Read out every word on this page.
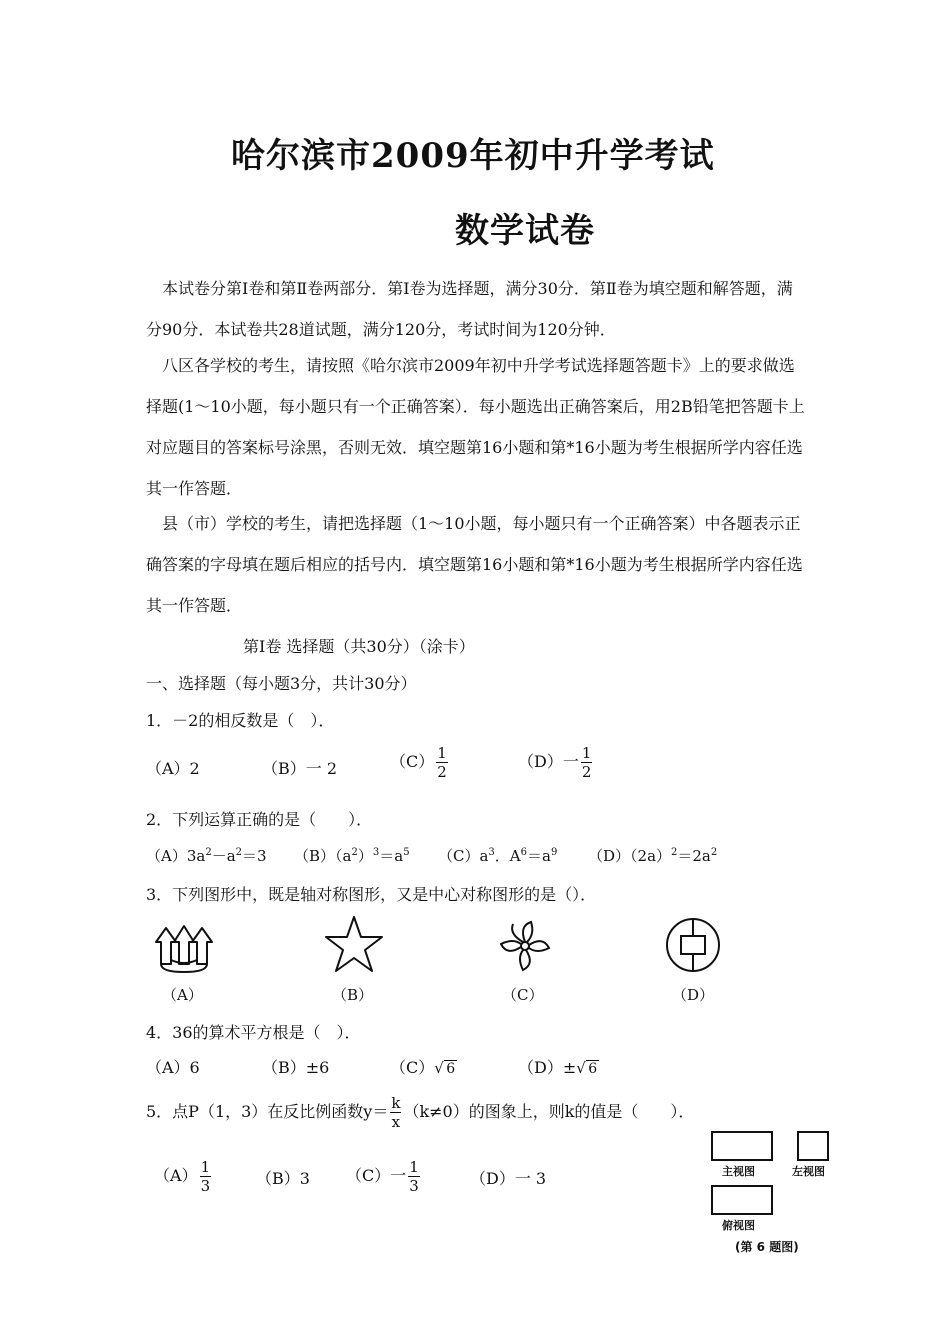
哈尔滨市2009年初中升学考试
数学试卷
本试卷分第Ⅰ卷和第Ⅱ卷两部分．第Ⅰ卷为选择题，满分30分．第Ⅱ卷为填空题和解答题，满分90分．本试卷共28道试题，满分120分，考试时间为120分钟．
八区各学校的考生，请按照《哈尔滨市2009年初中升学考试选择题答题卡》上的要求做选择题(1～10小题，每小题只有一个正确答案）．每小题选出正确答案后，用2B铅笔把答题卡上对应题目的答案标号涂黑，否则无效．填空题第16小题和第*16小题为考生根据所学内容任选其一作答题．
县（市）学校的考生，请把选择题（1～10小题，每小题只有一个正确答案）中各题表示正确答案的字母填在题后相应的括号内．填空题第16小题和第*16小题为考生根据所学内容任选其一作答题．
第Ⅰ卷 选择题（共30分）（涂卡）
一、选择题（每小题3分，共计30分）
1．－2的相反数是（　）．
（A）2	（B）一 2	$(C) \frac{1}{2}$	（D）一 $\frac{1}{2}$
2．下列运算正确的是（　　）．
$(A)3a^2-a^2=3$ $(B)(a^2)^3=a^5$ $(C)a^3$．$A^6=a^9$ $(D)(2a)^2=2a^2$
3．下列图形中，既是轴对称图形，又是中心对称图形的是（）．
（A）	（B）	（C）	（D）
4．36的算术平方根是（　）．
（A）6	（B）±6	（C） √ 6	（D）± √ 6
5．点P（1，3）在反比例函数$y= \frac{k}{x} (k\ne 0)$的图象上，则k的值是（　　）．
$(A) \frac{1}{3}$	（B）3 （C）一 $\frac{1}{3}$	（D）一 3	主视图	左视图
俯视图
(第 6 题图)
